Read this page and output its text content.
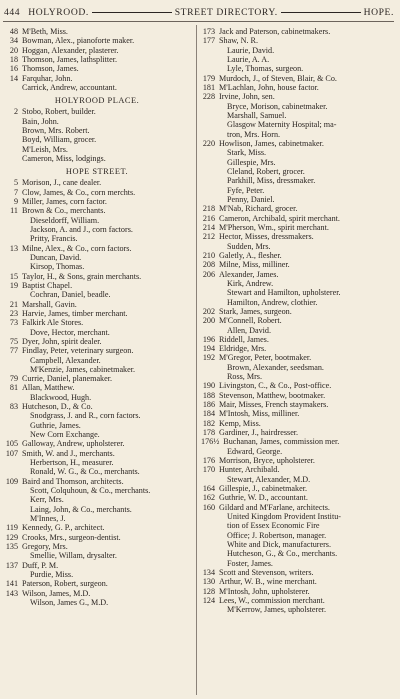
444 HOLYROOD.	STREET DIRECTORY.	HOPE.
48 M'Beth, Miss.
34 Bowman, Alex., pianoforte maker.
20 Hoggan, Alexander, plasterer.
18 Thomson, James, lathsplitter.
16 Thomson, James.
14 Farquhar, John.
Carrick, Andrew, accountant.
HOLYROOD PLACE.
2 Stobo, Robert, builder.
Bain, John.
Brown, Mrs. Robert.
Boyd, William, grocer.
M'Leish, Mrs.
Cameron, Miss, lodgings.
HOPE STREET.
5 Morison, J., cane dealer.
7 Clow, James, & Co., corn merchts.
9 Miller, James, corn factor.
11 Brown & Co., merchants.
Dieseldorff, William.
Jackson, A. and J., corn factors.
Pritty, Francis.
13 Milne, Alex., & Co., corn factors.
Duncan, David.
Kirsop, Thomas.
15 Taylor, H., & Sons, grain merchants.
19 Baptist Chapel.
Cochran, Daniel, beadle.
21 Marshall, Gavin.
23 Harvie, James, timber merchant.
73 Falkirk Ale Stores.
Dove, Hector, merchant.
75 Dyer, John, spirit dealer.
77 Findlay, Peter, veterinary surgeon.
Campbell, Alexander.
M'Kenzie, James, cabinetmaker.
79 Currie, Daniel, planemaker.
81 Allan, Matthew.
Blackwood, Hugh.
83 Hutcheson, D., & Co.
Snodgrass, J. and R., corn factors.
Guthrie, James.
New Corn Exchange.
105 Galloway, Andrew, upholsterer.
107 Smith, W. and J., merchants.
Herbertson, H., measurer.
Ronald, W. G., & Co., merchants.
109 Baird and Thomson, architects.
Scott, Colquhoun, & Co., merchants.
Kerr, Mrs.
Laing, John, & Co., merchants.
M'Innes, J.
119 Kennedy, G. P., architect.
129 Crooks, Mrs., surgeon-dentist.
135 Gregory, Mrs.
Smellie, Willam, drysalter.
137 Duff, P. M.
Purdie, Miss.
141 Paterson, Robert, surgeon.
143 Wilson, James, M.D.
Wilson, James G., M.D.
173 Jack and Paterson, cabinetmakers.
177 Shaw, N. R.
Laurie, David.
Laurie, A. A.
Lyle, Thomas, surgeon.
179 Murdoch, J., of Steven, Blair, & Co.
181 M'Lachlan, John, house factor.
228 Irvine, John, sen.
Bryce, Morison, cabinetmaker.
Marshall, Samuel.
Glasgow Maternity Hospital; ma-
tron, Mrs. Horn.
220 Howlison, James, cabinetmaker.
Stark, Miss.
Gillespie, Mrs.
Cleland, Robert, grocer.
Parkhill, Miss, dressmaker.
Fyfe, Peter.
Penny, Daniel.
218 M'Nab, Richard, grocer.
216 Cameron, Archibald, spirit merchant.
214 M'Pherson, Wm., spirit merchant.
212 Hector, Misses, dressmakers.
Sudden, Mrs.
210 Galetly, A., flesher.
208 Milne, Miss, milliner.
206 Alexander, James.
Kirk, Andrew.
Stewart and Hamilton, upholsterer.
Hamilton, Andrew, clothier.
202 Stark, James, surgeon.
200 M'Connell, Robert.
Allen, David.
196 Riddell, James.
194 Eldridge, Mrs.
192 M'Gregor, Peter, bootmaker.
Brown, Alexander, seedsman.
Ross, Mrs.
190 Livingston, C., & Co., Post-office.
188 Stevenson, Matthew, bootmaker.
186 Mair, Misses, French staymakers.
184 M'Intosh, Miss, milliner.
182 Kemp, Miss.
178 Gardiner, J., hairdresser.
176½ Buchanan, James, commission mer.
Edward, George.
176 Morrison, Bryce, upholsterer.
170 Hunter, Archibald.
Stewart, Alexander, M.D.
164 Gillespie, J., cabinetmaker.
162 Guthrie, W. D., accountant.
160 Gildard and M'Farlane, architects.
United Kingdom Provident Institu-
tion of Essex Economic Fire
Office; J. Robertson, manager.
White and Dick, manufacturers.
Hutcheson, G., & Co., merchants.
Foster, James.
134 Scott and Stevenson, writers.
130 Arthur, W. B., wine merchant.
128 M'Intosh, John, upholsterer.
124 Lees, W., commission merchant.
M'Kerrow, James, upholsterer.
